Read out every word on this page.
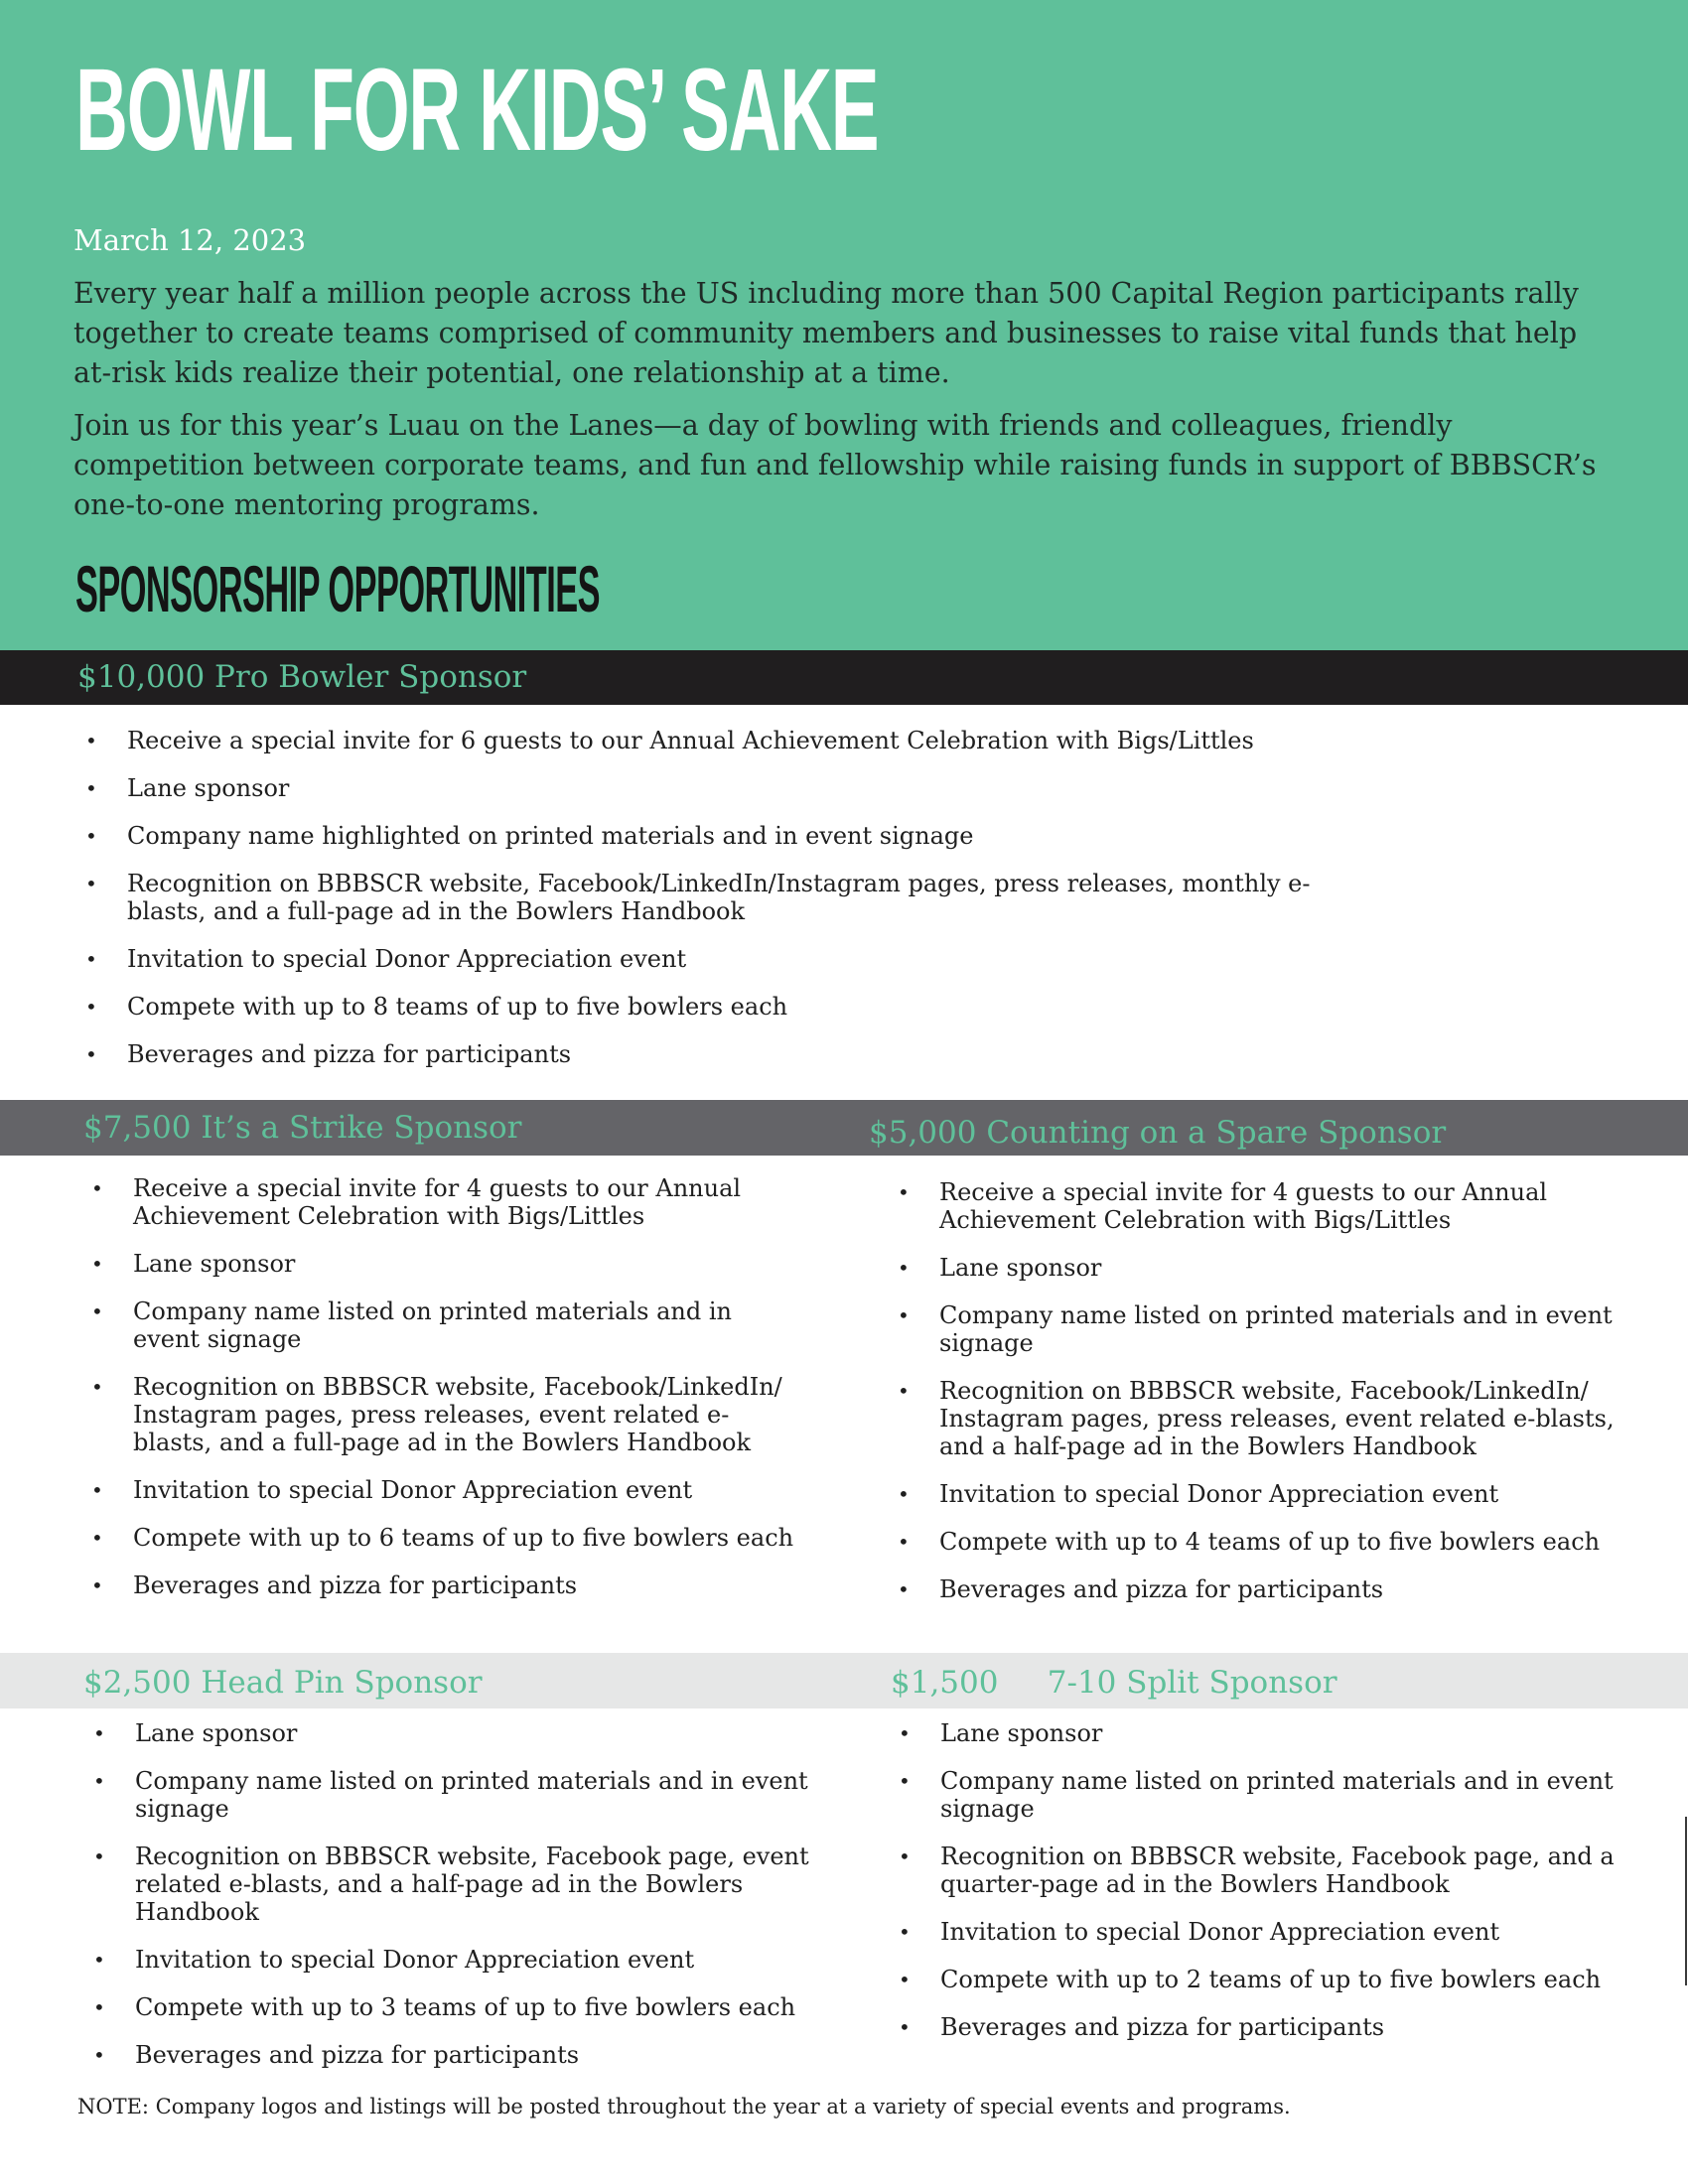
BOWL FOR KIDS’ SAKE
March 12, 2023

Every year half a million people across the US including more than 500 Capital Region participants rally together to create teams comprised of community members and businesses to raise vital funds that help at-risk kids realize their potential, one relationship at a time.

Join us for this year’s Luau on the Lanes—a day of bowling with friends and colleagues, friendly competition between corporate teams, and fun and fellowship while raising funds in support of BBBSCR’s one-to-one mentoring programs.

SPONSORSHIP OPPORTUNITIES
$10,000 Pro Bowler Sponsor
• Receive a special invite for 6 guests to our Annual Achievement Celebration with Bigs/Littles
• Lane sponsor
• Company name highlighted on printed materials and in event signage
• Recognition on BBBSCR website, Facebook/LinkedIn/Instagram pages, press releases, monthly e-blasts, and a full-page ad in the Bowlers Handbook
• Invitation to special Donor Appreciation event
• Compete with up to 8 teams of up to five bowlers each
• Beverages and pizza for participants
$7,500 It’s a Strike Sponsor
• Receive a special invite for 4 guests to our Annual Achievement Celebration with Bigs/Littles
• Lane sponsor
• Company name listed on printed materials and in event signage
• Recognition on BBBSCR website, Facebook/LinkedIn/ Instagram pages, press releases, event related e-blasts, and a full-page ad in the Bowlers Handbook
• Invitation to special Donor Appreciation event
• Compete with up to 6 teams of up to five bowlers each
• Beverages and pizza for participants
$5,000 Counting on a Spare Sponsor
• Receive a special invite for 4 guests to our Annual Achievement Celebration with Bigs/Littles
• Lane sponsor
• Company name listed on printed materials and in event signage
• Recognition on BBBSCR website, Facebook/LinkedIn/ Instagram pages, press releases, event related e-blasts, and a half-page ad in the Bowlers Handbook
• Invitation to special Donor Appreciation event
• Compete with up to 4 teams of up to five bowlers each
• Beverages and pizza for participants
$2,500 Head Pin Sponsor
• Lane sponsor
• Company name listed on printed materials and in event signage
• Recognition on BBBSCR website, Facebook page, event related e-blasts, and a half-page ad in the Bowlers Handbook
• Invitation to special Donor Appreciation event
• Compete with up to 3 teams of up to five bowlers each
• Beverages and pizza for participants
$1,500     7-10 Split Sponsor
• Lane sponsor
• Company name listed on printed materials and in event signage
• Recognition on BBBSCR website, Facebook page, and a quarter-page ad in the Bowlers Handbook
• Invitation to special Donor Appreciation event
• Compete with up to 2 teams of up to five bowlers each
• Beverages and pizza for participants
NOTE: Company logos and listings will be posted throughout the year at a variety of special events and programs.
